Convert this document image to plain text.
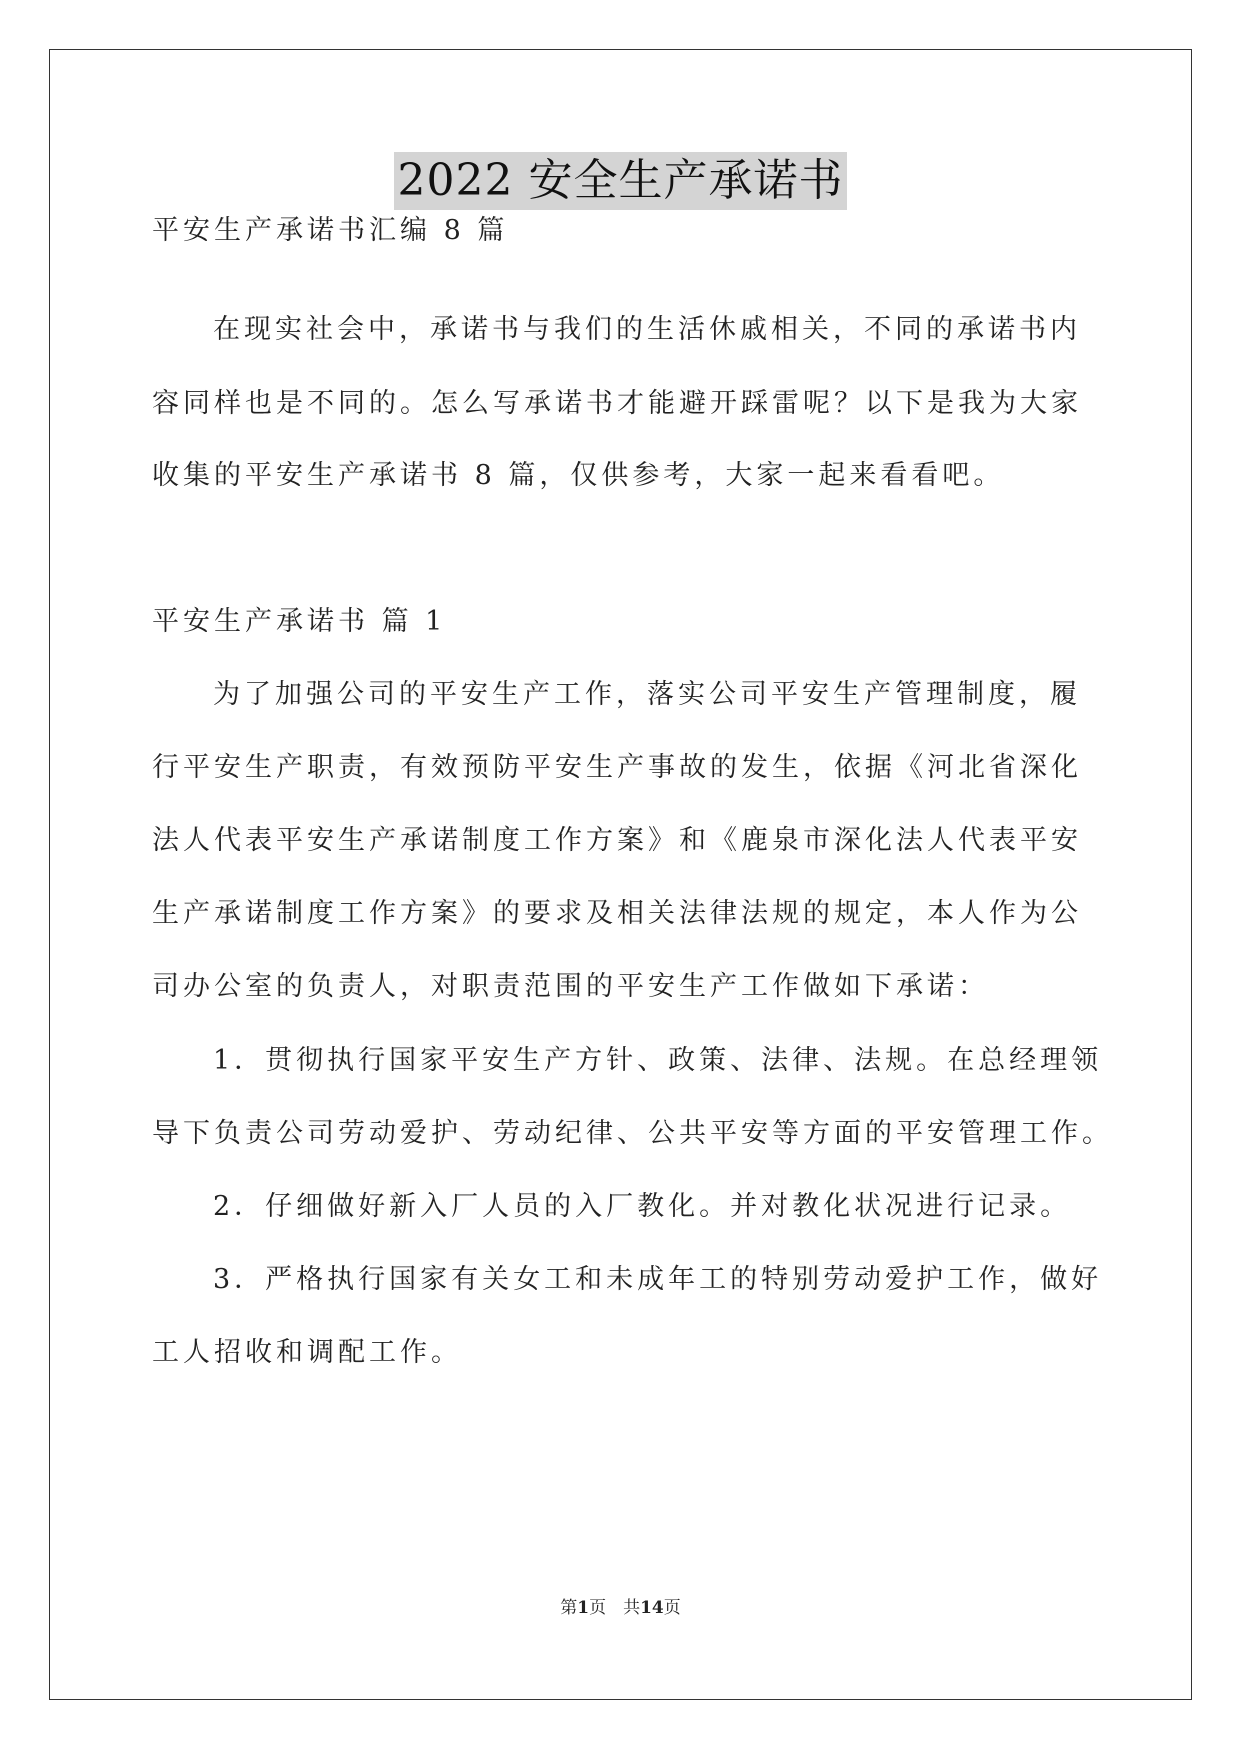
2022 安全生产承诺书
平安生产承诺书汇编 8 篇
在现实社会中，承诺书与我们的生活休戚相关，不同的承诺书内
容同样也是不同的。怎么写承诺书才能避开踩雷呢？以下是我为大家
收集的平安生产承诺书 8 篇，仅供参考，大家一起来看看吧。
平安生产承诺书 篇 1
为了加强公司的平安生产工作，落实公司平安生产管理制度，履
行平安生产职责，有效预防平安生产事故的发生，依据《河北省深化
法人代表平安生产承诺制度工作方案》和《鹿泉市深化法人代表平安
生产承诺制度工作方案》的要求及相关法律法规的规定，本人作为公
司办公室的负责人，对职责范围的平安生产工作做如下承诺：
1．贯彻执行国家平安生产方针、政策、法律、法规。在总经理领
导下负责公司劳动爱护、劳动纪律、公共平安等方面的平安管理工作。
2．仔细做好新入厂人员的入厂教化。并对教化状况进行记录。
3．严格执行国家有关女工和未成年工的特别劳动爱护工作，做好
工人招收和调配工作。
第1页　共14页
